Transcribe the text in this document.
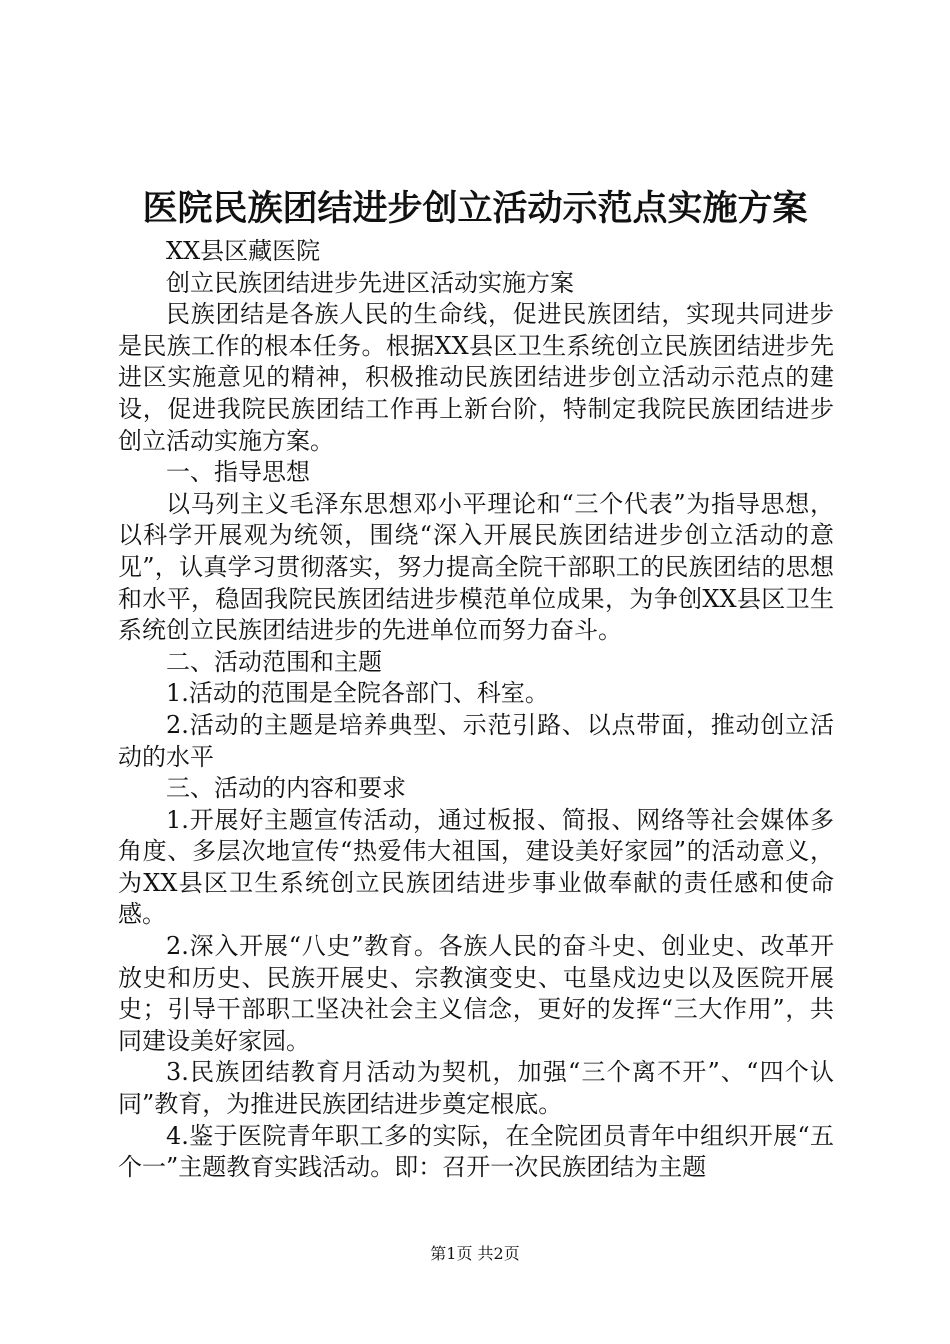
医院民族团结进步创立活动示范点实施方案

XX县区藏医院

创立民族团结进步先进区活动实施方案

民族团结是各族人民的生命线，促进民族团结，实现共同进步是民族工作的根本任务。根据XX县区卫生系统创立民族团结进步先进区实施意见的精神，积极推动民族团结进步创立活动示范点的建设，促进我院民族团结工作再上新台阶，特制定我院民族团结进步创立活动实施方案。

一、指导思想

以马列主义毛泽东思想邓小平理论和“三个代表”为指导思想，以科学开展观为统领，围绕“深入开展民族团结进步创立活动的意见”，认真学习贯彻落实，努力提高全院干部职工的民族团结的思想和水平，稳固我院民族团结进步模范单位成果，为争创XX县区卫生系统创立民族团结进步的先进单位而努力奋斗。

二、活动范围和主题

1.活动的范围是全院各部门、科室。

2.活动的主题是培养典型、示范引路、以点带面，推动创立活动的水平

三、活动的内容和要求

1.开展好主题宣传活动，通过板报、简报、网络等社会媒体多角度、多层次地宣传“热爱伟大祖国，建设美好家园”的活动意义，为XX县区卫生系统创立民族团结进步事业做奉献的责任感和使命感。

2.深入开展“八史”教育。各族人民的奋斗史、创业史、改革开放史和历史、民族开展史、宗教演变史、屯垦戍边史以及医院开展史；引导干部职工坚决社会主义信念，更好的发挥“三大作用”，共同建设美好家园。

3.民族团结教育月活动为契机，加强“三个离不开”、“四个认同”教育，为推进民族团结进步奠定根底。

4.鉴于医院青年职工多的实际，在全院团员青年中组织开展“五个一”主题教育实践活动。即：召开一次民族团结为主题

第1页 共2页
